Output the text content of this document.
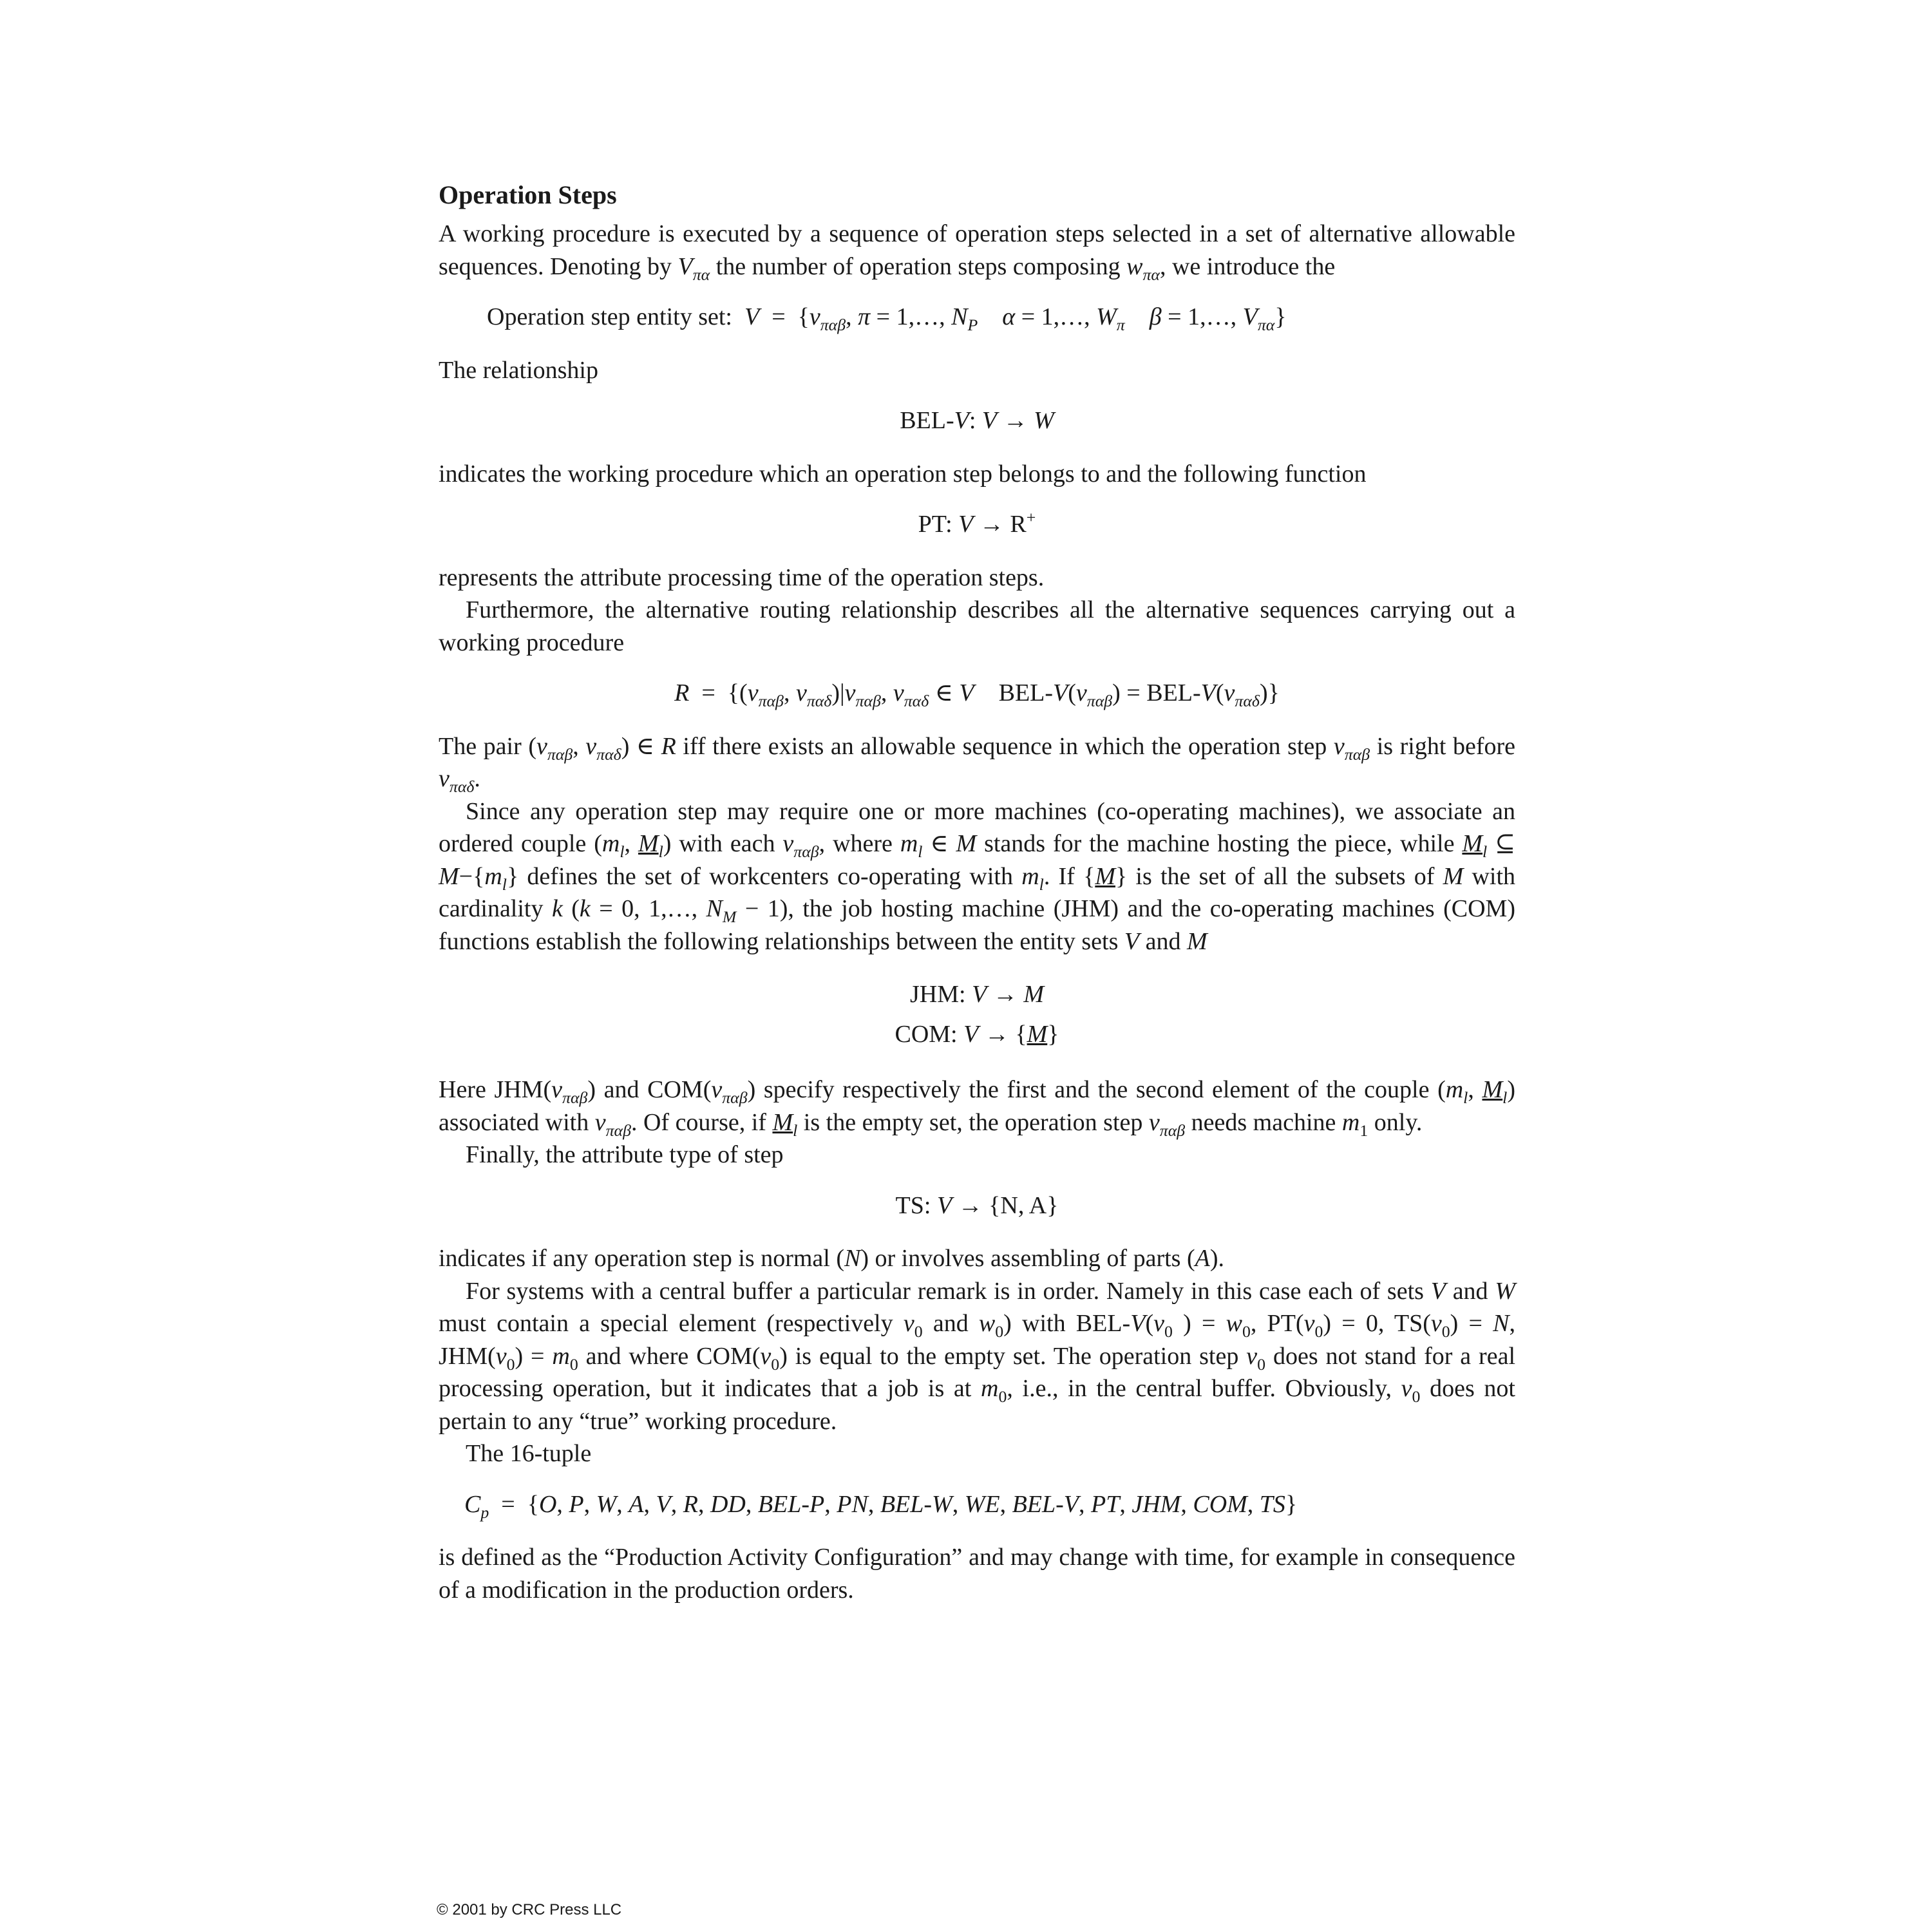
Operation Steps

A working procedure is executed by a sequence of operation steps selected in a set of alternative allowable sequences. Denoting by $V_{\pi\alpha}$ the number of operation steps composing $w_{\pi\alpha}$, we introduce the

Operation step entity set: $V = \{v_{\pi\alpha\beta}$, π = 1,…, $N_P$ α = 1,…, $W_\pi$ β = 1,…, $V_{\pi\alpha}$}

The relationship

BEL-V: V → W

indicates the working procedure which an operation step belongs to and the following function

PT: V → R+

represents the attribute processing time of the operation steps.

Furthermore, the alternative routing relationship describes all the alternative sequences carrying out a working procedure

$R = \{(v_{\pi\alpha\beta}$, $v_{\pi\alpha\delta})|v_{\pi\alpha\beta}$, $v_{\pi\alpha\delta}$ ∈ V    BEL-$V(v_{\pi\alpha\beta}) = BEL-V(v_{\pi\alpha\delta})$}

The pair ($v_{\pi\alpha\beta}$, $v_{\pi\alpha\delta}$) ∈ R iff there exists an allowable sequence in which the operation step $v_{\pi\alpha\beta}$ is right before $v_{\pi\alpha\delta}$.

Since any operation step may require one or more machines (co-operating machines), we associate an ordered couple ($m_l$, $M_l$) with each $v_{\pi\alpha\beta}$, where $m_l$ ∈ M stands for the machine hosting the piece, while $M_l$ ⊆ $M-\{m_l\}$ defines the set of workcenters co-operating with $m_l$. If {M} is the set of all the subsets of M with cardinality k (k = 0, 1,…, $N_M - 1$), the job hosting machine (JHM) and the co-operating machines (COM) functions establish the following relationships between the entity sets V and M

JHM: V → M
COM: V → {M}

Here $JHM(v_{\pi\alpha\beta})$ and $COM(v_{\pi\alpha\beta})$ specify respectively the first and the second element of the couple ($m_l$, $M_l$) associated with $v_{\pi\alpha\beta}$. Of course, if $M_l$ is the empty set, the operation step $v_{\pi\alpha\beta}$ needs machine $m_1$ only.

Finally, the attribute type of step

TS: V → {N, A}

indicates if any operation step is normal (N) or involves assembling of parts (A).

For systems with a central buffer a particular remark is in order. Namely in this case each of sets V and W must contain a special element (respectively $v_0$ and $w_0$) with BEL-$V(v_0$ ) = $w_0$, $PT(v_0) = 0$, $TS(v_0) = N$, $JHM(v_0) = m_0$ and where $COM(v_0)$ is equal to the empty set. The operation step $v_0$ does not stand for a real processing operation, but it indicates that a job is at $m_0$, i.e., in the central buffer. Obviously, $v_0$ does not pertain to any “true” working procedure.

The 16-tuple

$C_p = \{O$, P, W, A, V, R, DD, BEL-P, PN, BEL-W, WE, BEL-V, PT, JHM, COM, TS}

is defined as the “Production Activity Configuration” and may change with time, for example in consequence of a modification in the production orders.

© 2001 by CRC Press LLC
